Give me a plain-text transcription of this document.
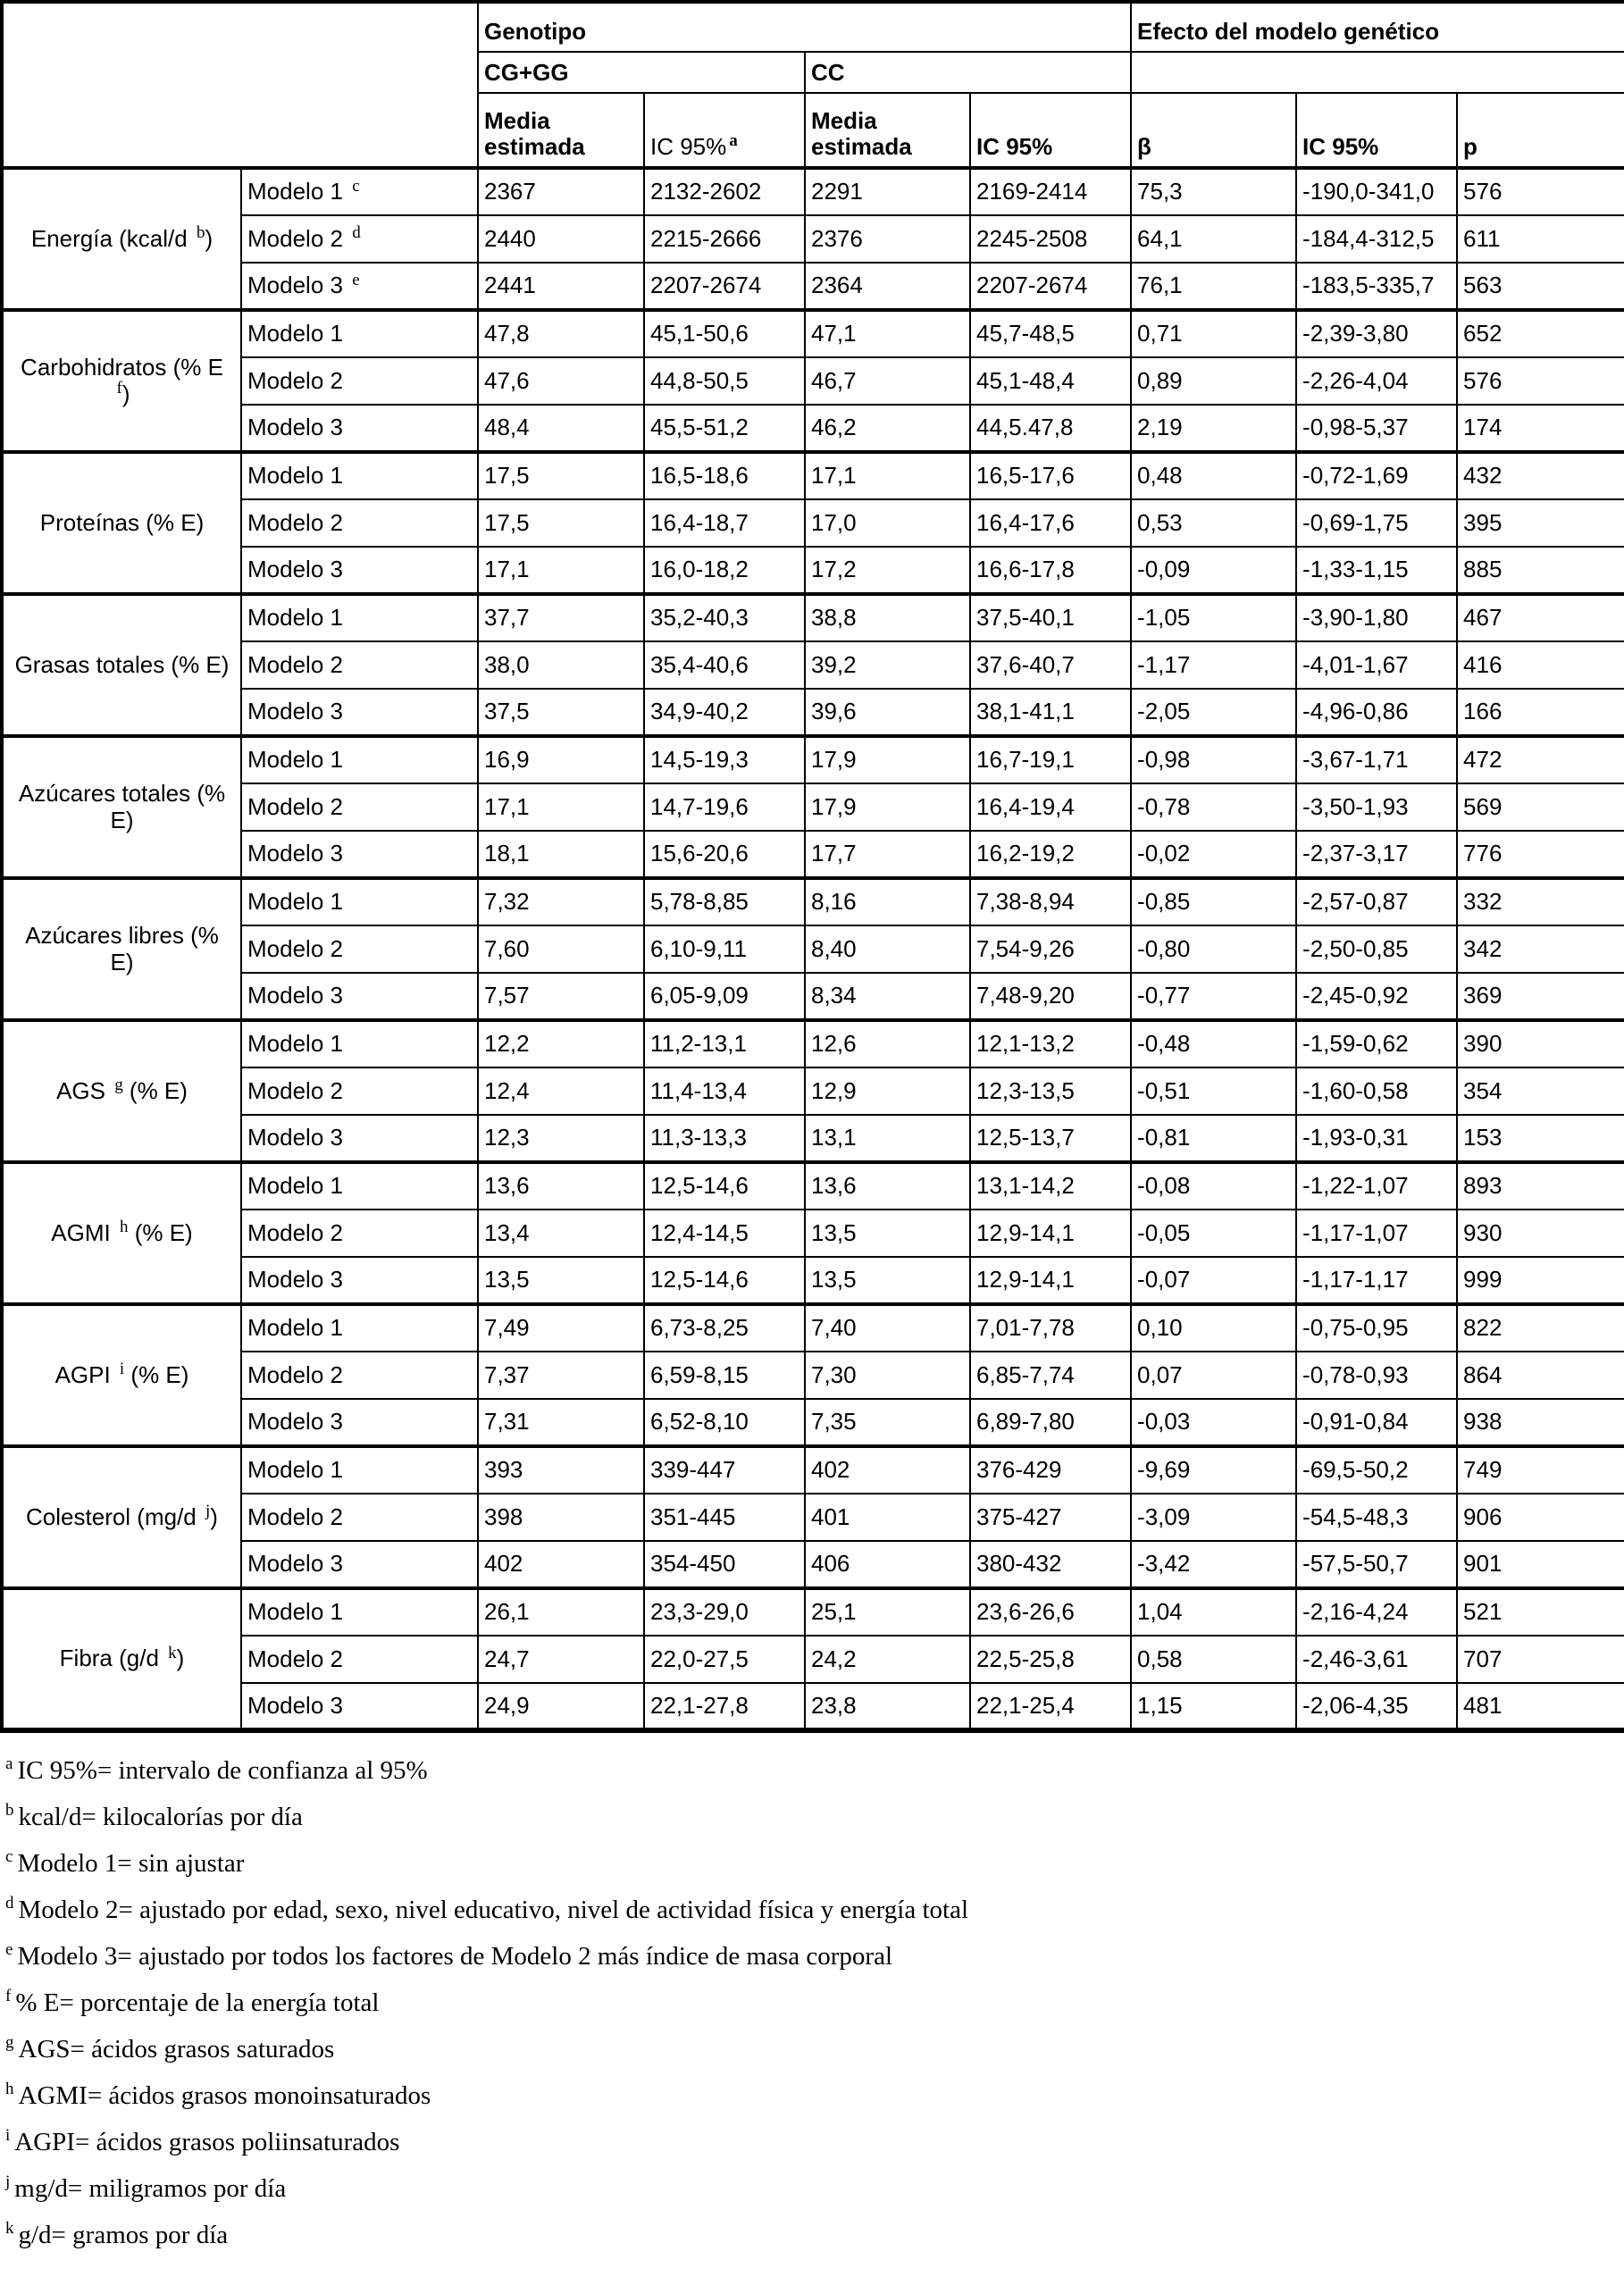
		Genotipo				Efecto del modelo genético		
		CG+GG		CC				
		Media estimada	IC 95% $^a$	Media estimada	IC 95%	β	IC 95%	p
Energía (kcal/d $^b$)	Modelo 1 $^c$	2367	2132-2602	2291	2169-2414	75,3	-190,0-341,0	576
	Modelo 2 $^d$	2440	2215-2666	2376	2245-2508	64,1	-184,4-312,5	611
	Modelo 3 $^e$	2441	2207-2674	2364	2207-2674	76,1	-183,5-335,7	563
Carbohidratos (% E $^f$)	Modelo 1	47,8	45,1-50,6	47,1	45,7-48,5	0,71	-2,39-3,80	652
	Modelo 2	47,6	44,8-50,5	46,7	45,1-48,4	0,89	-2,26-4,04	576
	Modelo 3	48,4	45,5-51,2	46,2	44,5.47,8	2,19	-0,98-5,37	174
Proteínas (% E)	Modelo 1	17,5	16,5-18,6	17,1	16,5-17,6	0,48	-0,72-1,69	432
	Modelo 2	17,5	16,4-18,7	17,0	16,4-17,6	0,53	-0,69-1,75	395
	Modelo 3	17,1	16,0-18,2	17,2	16,6-17,8	-0,09	-1,33-1,15	885
Grasas totales (% E)	Modelo 1	37,7	35,2-40,3	38,8	37,5-40,1	-1,05	-3,90-1,80	467
	Modelo 2	38,0	35,4-40,6	39,2	37,6-40,7	-1,17	-4,01-1,67	416
	Modelo 3	37,5	34,9-40,2	39,6	38,1-41,1	-2,05	-4,96-0,86	166
Azúcares totales (% E)	Modelo 1	16,9	14,5-19,3	17,9	16,7-19,1	-0,98	-3,67-1,71	472
	Modelo 2	17,1	14,7-19,6	17,9	16,4-19,4	-0,78	-3,50-1,93	569
	Modelo 3	18,1	15,6-20,6	17,7	16,2-19,2	-0,02	-2,37-3,17	776
Azúcares libres (% E)	Modelo 1	7,32	5,78-8,85	8,16	7,38-8,94	-0,85	-2,57-0,87	332
	Modelo 2	7,60	6,10-9,11	8,40	7,54-9,26	-0,80	-2,50-0,85	342
	Modelo 3	7,57	6,05-9,09	8,34	7,48-9,20	-0,77	-2,45-0,92	369
AGS $^g$ (% E)	Modelo 1	12,2	11,2-13,1	12,6	12,1-13,2	-0,48	-1,59-0,62	390
	Modelo 2	12,4	11,4-13,4	12,9	12,3-13,5	-0,51	-1,60-0,58	354
	Modelo 3	12,3	11,3-13,3	13,1	12,5-13,7	-0,81	-1,93-0,31	153
AGMI $^h$ (% E)	Modelo 1	13,6	12,5-14,6	13,6	13,1-14,2	-0,08	-1,22-1,07	893
	Modelo 2	13,4	12,4-14,5	13,5	12,9-14,1	-0,05	-1,17-1,07	930
	Modelo 3	13,5	12,5-14,6	13,5	12,9-14,1	-0,07	-1,17-1,17	999
AGPI $^i$ (% E)	Modelo 1	7,49	6,73-8,25	7,40	7,01-7,78	0,10	-0,75-0,95	822
	Modelo 2	7,37	6,59-8,15	7,30	6,85-7,74	0,07	-0,78-0,93	864
	Modelo 3	7,31	6,52-8,10	7,35	6,89-7,80	-0,03	-0,91-0,84	938
Colesterol (mg/d $^j$)	Modelo 1	393	339-447	402	376-429	-9,69	-69,5-50,2	749
	Modelo 2	398	351-445	401	375-427	-3,09	-54,5-48,3	906
	Modelo 3	402	354-450	406	380-432	-3,42	-57,5-50,7	901
Fibra (g/d $^k$)	Modelo 1	26,1	23,3-29,0	25,1	23,6-26,6	1,04	-2,16-4,24	521
	Modelo 2	24,7	22,0-27,5	24,2	22,5-25,8	0,58	-2,46-3,61	707
	Modelo 3	24,9	22,1-27,8	23,8	22,1-25,4	1,15	-2,06-4,35	481

$^a$ IC 95%= intervalo de confianza al 95%

$^b$ kcal/d= kilocalorías por día

$^c$ Modelo 1= sin ajustar

$^d$ Modelo 2= ajustado por edad, sexo, nivel educativo, nivel de actividad física y energía total

$^e$ Modelo 3= ajustado por todos los factores de Modelo 2 más índice de masa corporal

$^f$ % E= porcentaje de la energía total

$^g$ AGS= ácidos grasos saturados

$^h$ AGMI= ácidos grasos monoinsaturados

$^i$ AGPI= ácidos grasos poliinsaturados

$^j$ mg/d= miligramos por día

$^k$ g/d= gramos por día
